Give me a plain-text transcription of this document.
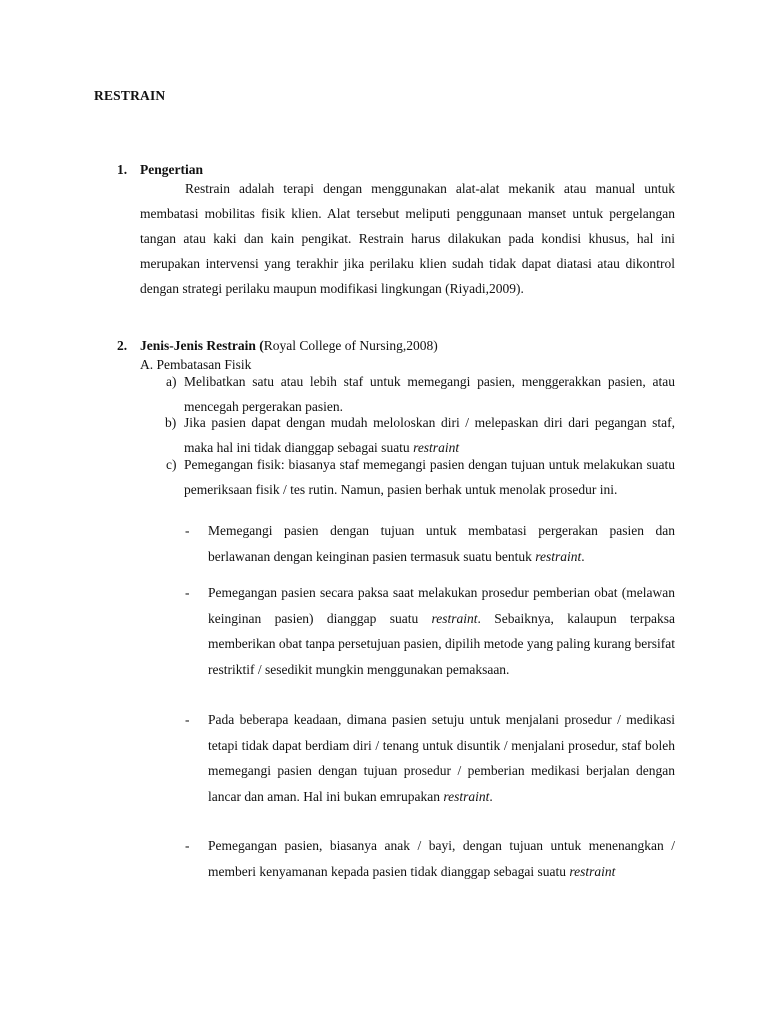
RESTRAIN
1. Pengertian
Restrain adalah terapi dengan menggunakan alat-alat mekanik atau manual untuk membatasi mobilitas fisik klien. Alat tersebut meliputi penggunaan manset untuk pergelangan tangan atau kaki dan kain pengikat. Restrain harus dilakukan pada kondisi khusus, hal ini merupakan intervensi yang terakhir jika perilaku klien sudah tidak dapat diatasi atau dikontrol dengan strategi perilaku maupun modifikasi lingkungan (Riyadi,2009).
2. Jenis-Jenis Restrain (Royal College of Nursing,2008)
A. Pembatasan Fisik
a) Melibatkan satu atau lebih staf untuk memegangi pasien, menggerakkan pasien, atau mencegah pergerakan pasien.
b) Jika pasien dapat dengan mudah meloloskan diri / melepaskan diri dari pegangan staf, maka hal ini tidak dianggap sebagai suatu restraint
c) Pemegangan fisik: biasanya staf memegangi pasien dengan tujuan untuk melakukan suatu pemeriksaan fisik / tes rutin. Namun, pasien berhak untuk menolak prosedur ini.
- Memegangi pasien dengan tujuan untuk membatasi pergerakan pasien dan berlawanan dengan keinginan pasien termasuk suatu bentuk restraint.
- Pemegangan pasien secara paksa saat melakukan prosedur pemberian obat (melawan keinginan pasien) dianggap suatu restraint. Sebaiknya, kalaupun terpaksa memberikan obat tanpa persetujuan pasien, dipilih metode yang paling kurang bersifat restriktif / sesedikit mungkin menggunakan pemaksaan.
- Pada beberapa keadaan, dimana pasien setuju untuk menjalani prosedur / medikasi tetapi tidak dapat berdiam diri / tenang untuk disuntik / menjalani prosedur, staf boleh memegangi pasien dengan tujuan prosedur / pemberian medikasi berjalan dengan lancar dan aman. Hal ini bukan emrupakan restraint.
- Pemegangan pasien, biasanya anak / bayi, dengan tujuan untuk menenangkan / memberi kenyamanan kepada pasien tidak dianggap sebagai suatu restraint
